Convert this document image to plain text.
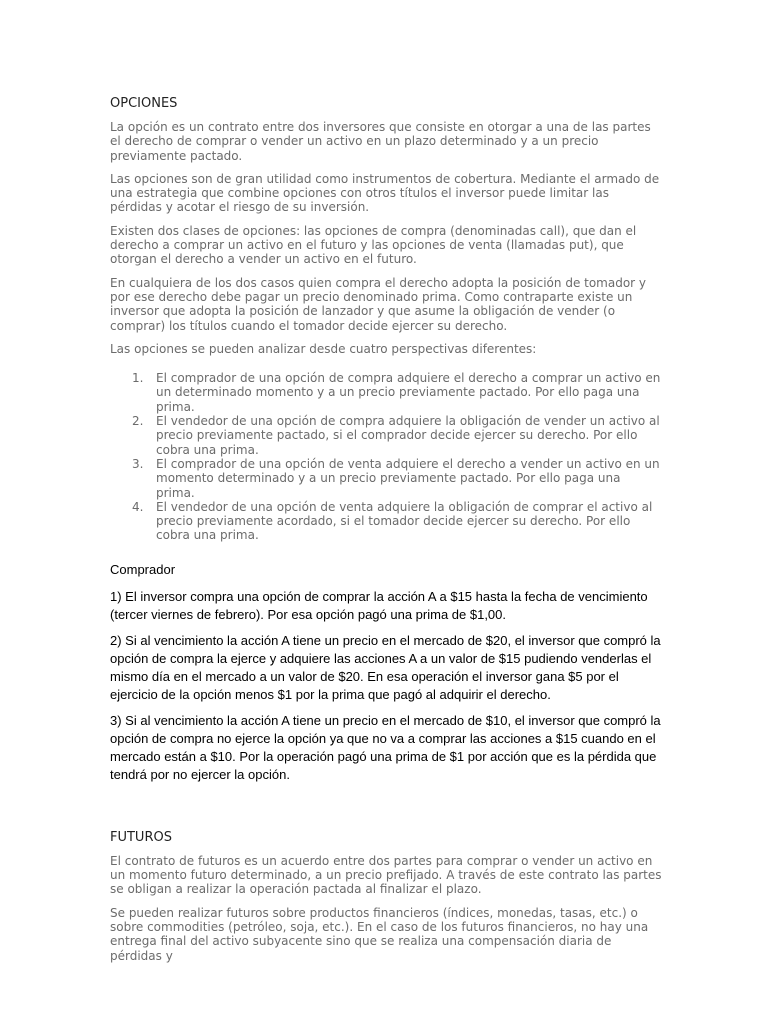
OPCIONES

La opción es un contrato entre dos inversores que consiste en otorgar a una de las partes el derecho de comprar o vender un activo en un plazo determinado y a un precio previamente pactado.

Las opciones son de gran utilidad como instrumentos de cobertura. Mediante el armado de una estrategia que combine opciones con otros títulos el inversor puede limitar las pérdidas y acotar el riesgo de su inversión.

Existen dos clases de opciones: las opciones de compra (denominadas call), que dan el derecho a comprar un activo en el futuro y las opciones de venta (llamadas put), que otorgan el derecho a vender un activo en el futuro.

En cualquiera de los dos casos quien compra el derecho adopta la posición de tomador y por ese derecho debe pagar un precio denominado prima. Como contraparte existe un inversor que adopta la posición de lanzador y que asume la obligación de vender (o comprar) los títulos cuando el tomador decide ejercer su derecho.

Las opciones se pueden analizar desde cuatro perspectivas diferentes:

1. El comprador de una opción de compra adquiere el derecho a comprar un activo en un determinado momento y a un precio previamente pactado. Por ello paga una prima.
2. El vendedor de una opción de compra adquiere la obligación de vender un activo al precio previamente pactado, si el comprador decide ejercer su derecho. Por ello cobra una prima.
3. El comprador de una opción de venta adquiere el derecho a vender un activo en un momento determinado y a un precio previamente pactado. Por ello paga una prima.
4. El vendedor de una opción de venta adquiere la obligación de comprar el activo al precio previamente acordado, si el tomador decide ejercer su derecho. Por ello cobra una prima.
Comprador

1) El inversor compra una opción de comprar la acción A a $15 hasta la fecha de vencimiento (tercer viernes de febrero). Por esa opción pagó una prima de $1,00.

2) Si al vencimiento la acción A tiene un precio en el mercado de $20, el inversor que compró la opción de compra la ejerce y adquiere las acciones A a un valor de $15 pudiendo venderlas el mismo día en el mercado a un valor de $20. En esa operación el inversor gana $5 por el ejercicio de la opción menos $1 por la prima que pagó al adquirir el derecho.

3) Si al vencimiento la acción A tiene un precio en el mercado de $10, el inversor que compró la opción de compra no ejerce la opción ya que no va a comprar las acciones a $15 cuando en el mercado están a $10. Por la operación pagó una prima de $1 por acción que es la pérdida que tendrá por no ejercer la opción.

FUTUROS

El contrato de futuros es un acuerdo entre dos partes para comprar o vender un activo en un momento futuro determinado, a un precio prefijado. A través de este contrato las partes se obligan a realizar la operación pactada al finalizar el plazo.

Se pueden realizar futuros sobre productos financieros (índices, monedas, tasas, etc.) o sobre commodities (petróleo, soja, etc.). En el caso de los futuros financieros, no hay una entrega final del activo subyacente sino que se realiza una compensación diaria de pérdidas y
